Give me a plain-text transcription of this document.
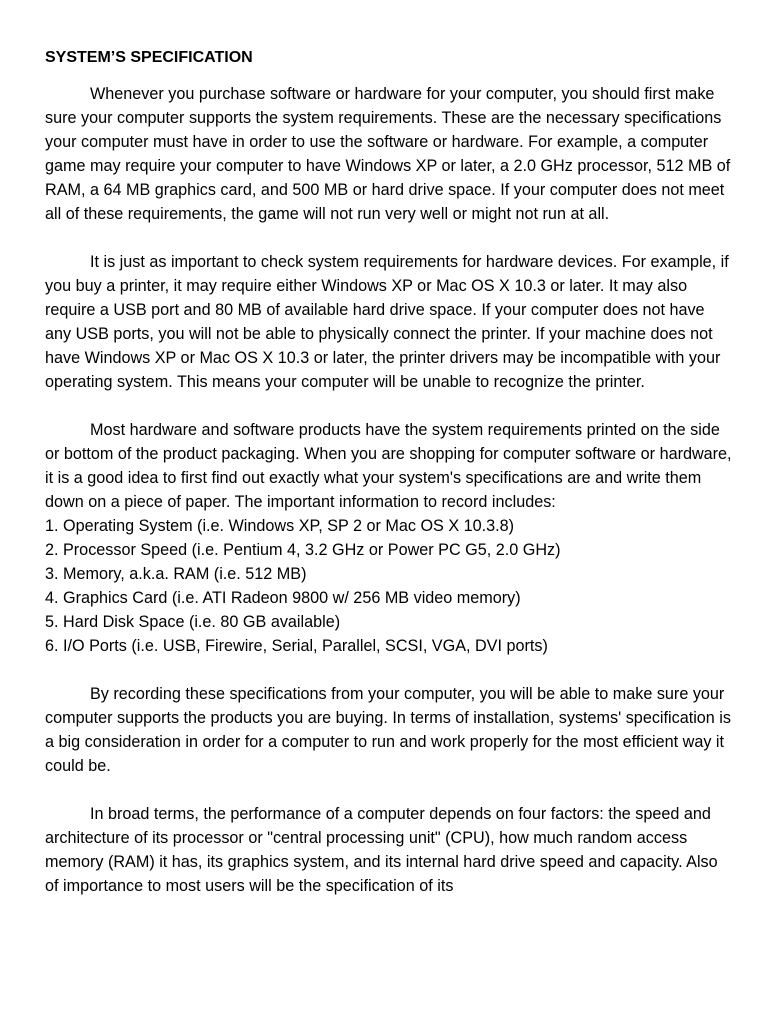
SYSTEM’S SPECIFICATION

Whenever you purchase software or hardware for your computer, you should first make sure your computer supports the system requirements. These are the necessary specifications your computer must have in order to use the software or hardware. For example, a computer game may require your computer to have Windows XP or later, a 2.0 GHz processor, 512 MB of RAM, a 64 MB graphics card, and 500 MB or hard drive space. If your computer does not meet all of these requirements, the game will not run very well or might not run at all.

It is just as important to check system requirements for hardware devices. For example, if you buy a printer, it may require either Windows XP or Mac OS X 10.3 or later. It may also require a USB port and 80 MB of available hard drive space. If your computer does not have any USB ports, you will not be able to physically connect the printer. If your machine does not have Windows XP or Mac OS X 10.3 or later, the printer drivers may be incompatible with your operating system. This means your computer will be unable to recognize the printer.

Most hardware and software products have the system requirements printed on the side or bottom of the product packaging. When you are shopping for computer software or hardware, it is a good idea to first find out exactly what your system's specifications are and write them down on a piece of paper. The important information to record includes:

1. Operating System (i.e. Windows XP, SP 2 or Mac OS X 10.3.8)
2. Processor Speed (i.e. Pentium 4, 3.2 GHz or Power PC G5, 2.0 GHz)
3. Memory, a.k.a. RAM (i.e. 512 MB)
4. Graphics Card (i.e. ATI Radeon 9800 w/ 256 MB video memory)
5. Hard Disk Space (i.e. 80 GB available)
6. I/O Ports (i.e. USB, Firewire, Serial, Parallel, SCSI, VGA, DVI ports)

By recording these specifications from your computer, you will be able to make sure your computer supports the products you are buying. In terms of installation, systems' specification is a big consideration in order for a computer to run and work properly for the most efficient way it could be.

In broad terms, the performance of a computer depends on four factors: the speed and architecture of its processor or "central processing unit" (CPU), how much random access memory (RAM) it has, its graphics system, and its internal hard drive speed and capacity. Also of importance to most users will be the specification of its
